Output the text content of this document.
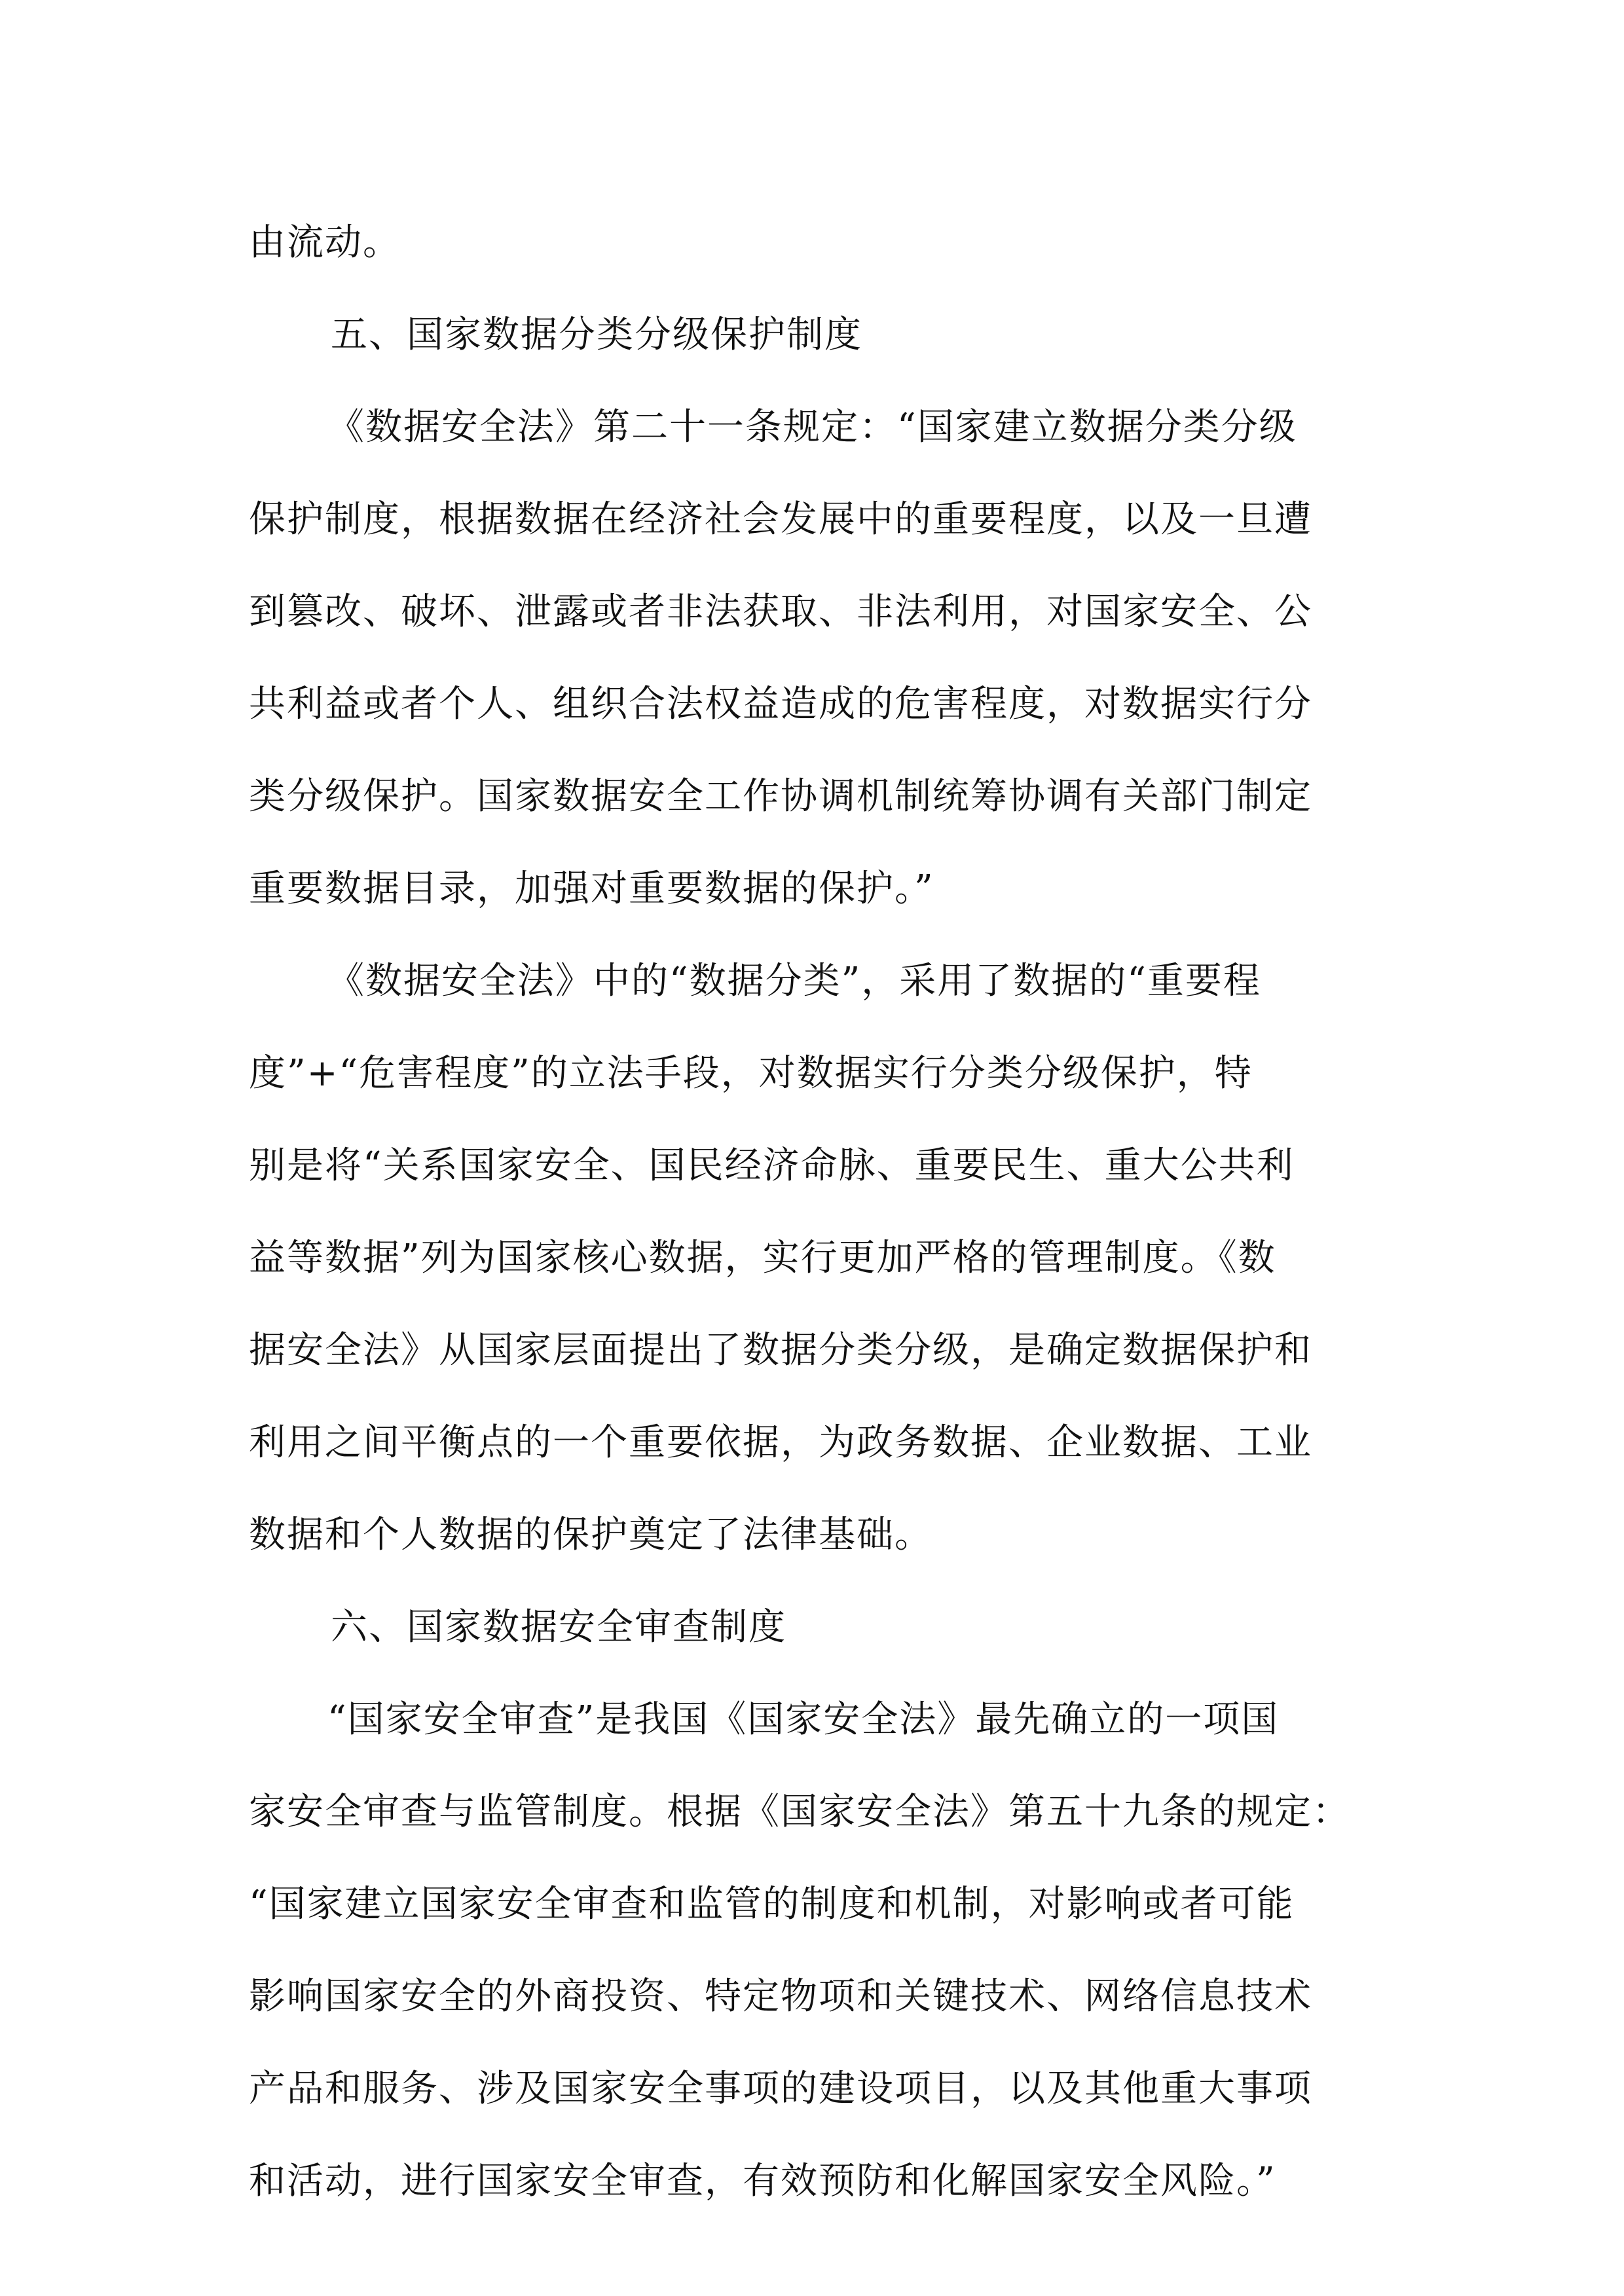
由流动。
五、国家数据分类分级保护制度
《数据安全法》第二十一条规定：“国家建立数据分类分级
保护制度，根据数据在经济社会发展中的重要程度，以及一旦遭
到篡改、破坏、泄露或者非法获取、非法利用，对国家安全、公
共利益或者个人、组织合法权益造成的危害程度，对数据实行分
类分级保护。国家数据安全工作协调机制统筹协调有关部门制定
重要数据目录，加强对重要数据的保护。”
《数据安全法》中的“数据分类”，采用了数据的“重要程
度”+“危害程度”的立法手段，对数据实行分类分级保护，特
别是将“关系国家安全、国民经济命脉、重要民生、重大公共利
益等数据”列为国家核心数据，实行更加严格的管理制度。《数
据安全法》从国家层面提出了数据分类分级，是确定数据保护和
利用之间平衡点的一个重要依据，为政务数据、企业数据、工业
数据和个人数据的保护奠定了法律基础。
六、国家数据安全审查制度
“国家安全审查”是我国《国家安全法》最先确立的一项国
家安全审查与监管制度。根据《国家安全法》第五十九条的规定：
“国家建立国家安全审查和监管的制度和机制，对影响或者可能
影响国家安全的外商投资、特定物项和关键技术、网络信息技术
产品和服务、涉及国家安全事项的建设项目，以及其他重大事项
和活动，进行国家安全审查，有效预防和化解国家安全风险。”
